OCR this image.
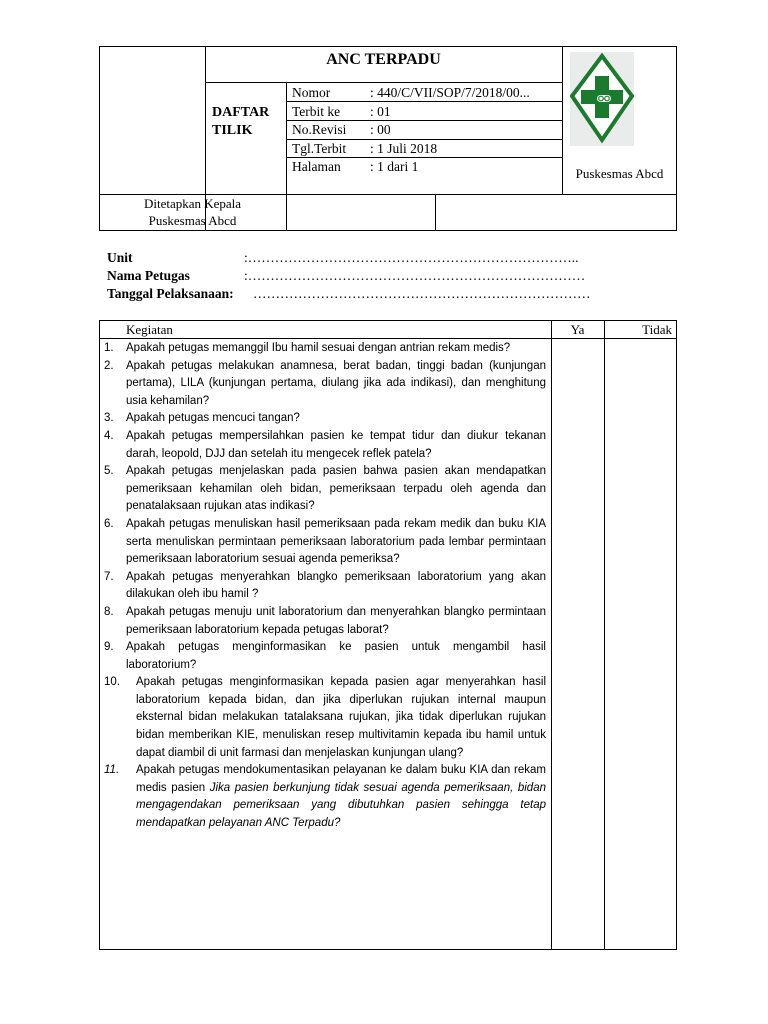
ANC TERPADU
DAFTAR TILIK
Nomor	: 440/C/VII/SOP/7/2018/00...
Terbit ke	: 01
No.Revisi	: 00
Tgl.Terbit	: 1 Juli 2018
Halaman	: 1 dari 1	Puskesmas Abcd
Ditetapkan Kepala
Puskesmas Abcd
Unit	:………………………………………………………………..
Nama Petugas	:…………………………………………………………………
Tanggal Pelaksanaan: …………………………………………………………………
Kegiatan	Ya	Tidak
1.	Apakah petugas memanggil Ibu hamil sesuai dengan antrian rekam medis?
2.	Apakah petugas melakukan anamnesa, berat badan, tinggi badan (kunjungan pertama), LILA (kunjungan pertama, diulang jika ada indikasi), dan menghitung usia kehamilan?
3.	Apakah petugas mencuci tangan?
4.	Apakah petugas mempersilahkan pasien ke tempat tidur dan diukur tekanan darah, leopold, DJJ dan setelah itu mengecek reflek patela?
5.	Apakah petugas menjelaskan pada pasien bahwa pasien akan mendapatkan pemeriksaan kehamilan oleh bidan, pemeriksaan terpadu oleh agenda dan penatalaksaan rujukan atas indikasi?
6.	Apakah petugas menuliskan hasil pemeriksaan pada rekam medik dan buku KIA serta menuliskan permintaan pemeriksaan laboratorium pada lembar permintaan pemeriksaan laboratorium sesuai agenda pemeriksa?
7.	Apakah petugas menyerahkan blangko pemeriksaan laboratorium yang akan dilakukan oleh ibu hamil ?
8.	Apakah petugas menuju unit laboratorium dan menyerahkan blangko permintaan pemeriksaan laboratorium kepada petugas laborat?
9.	Apakah petugas menginformasikan ke pasien untuk mengambil hasil laboratorium?
10.	Apakah petugas menginformasikan kepada pasien agar menyerahkan hasil laboratorium kepada bidan, dan jika diperlukan rujukan internal maupun eksternal bidan melakukan tatalaksana rujukan, jika tidak diperlukan rujukan bidan memberikan KIE, menuliskan resep multivitamin kepada ibu hamil untuk dapat diambil di unit farmasi dan menjelaskan kunjungan ulang?
11.	Apakah petugas mendokumentasikan pelayanan ke dalam buku KIA dan rekam medis pasien Jika pasien berkunjung tidak sesuai agenda pemeriksaan, bidan mengagendakan pemeriksaan yang dibutuhkan pasien sehingga tetap mendapatkan pelayanan ANC Terpadu?
